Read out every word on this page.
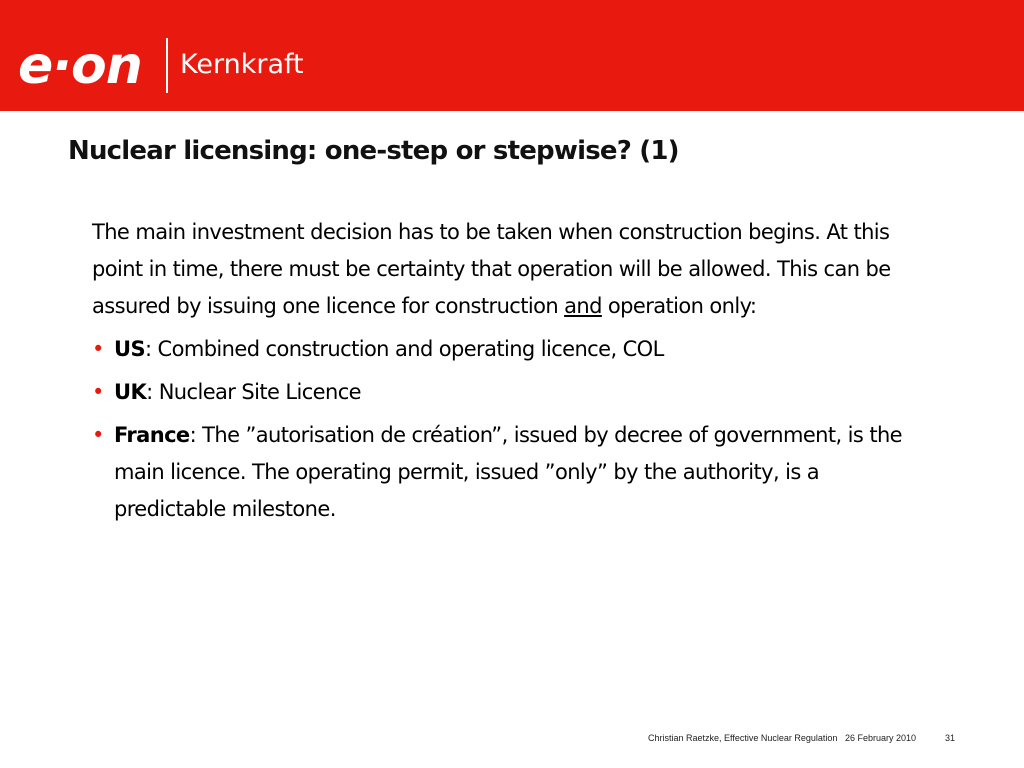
e·on Kernkraft
Nuclear licensing: one-step or stepwise? (1)

The main investment decision has to be taken when construction begins. At this point in time, there must be certainty that operation will be allowed. This can be assured by issuing one licence for construction and operation only:

• US: Combined construction and operating licence, COL
• UK: Nuclear Site Licence
• France: The ”autorisation de création”, issued by decree of government, is the main licence. The operating permit, issued ”only” by the authority, is a predictable milestone.
Christian Raetzke, Effective Nuclear Regulation 26 February 2010	31
